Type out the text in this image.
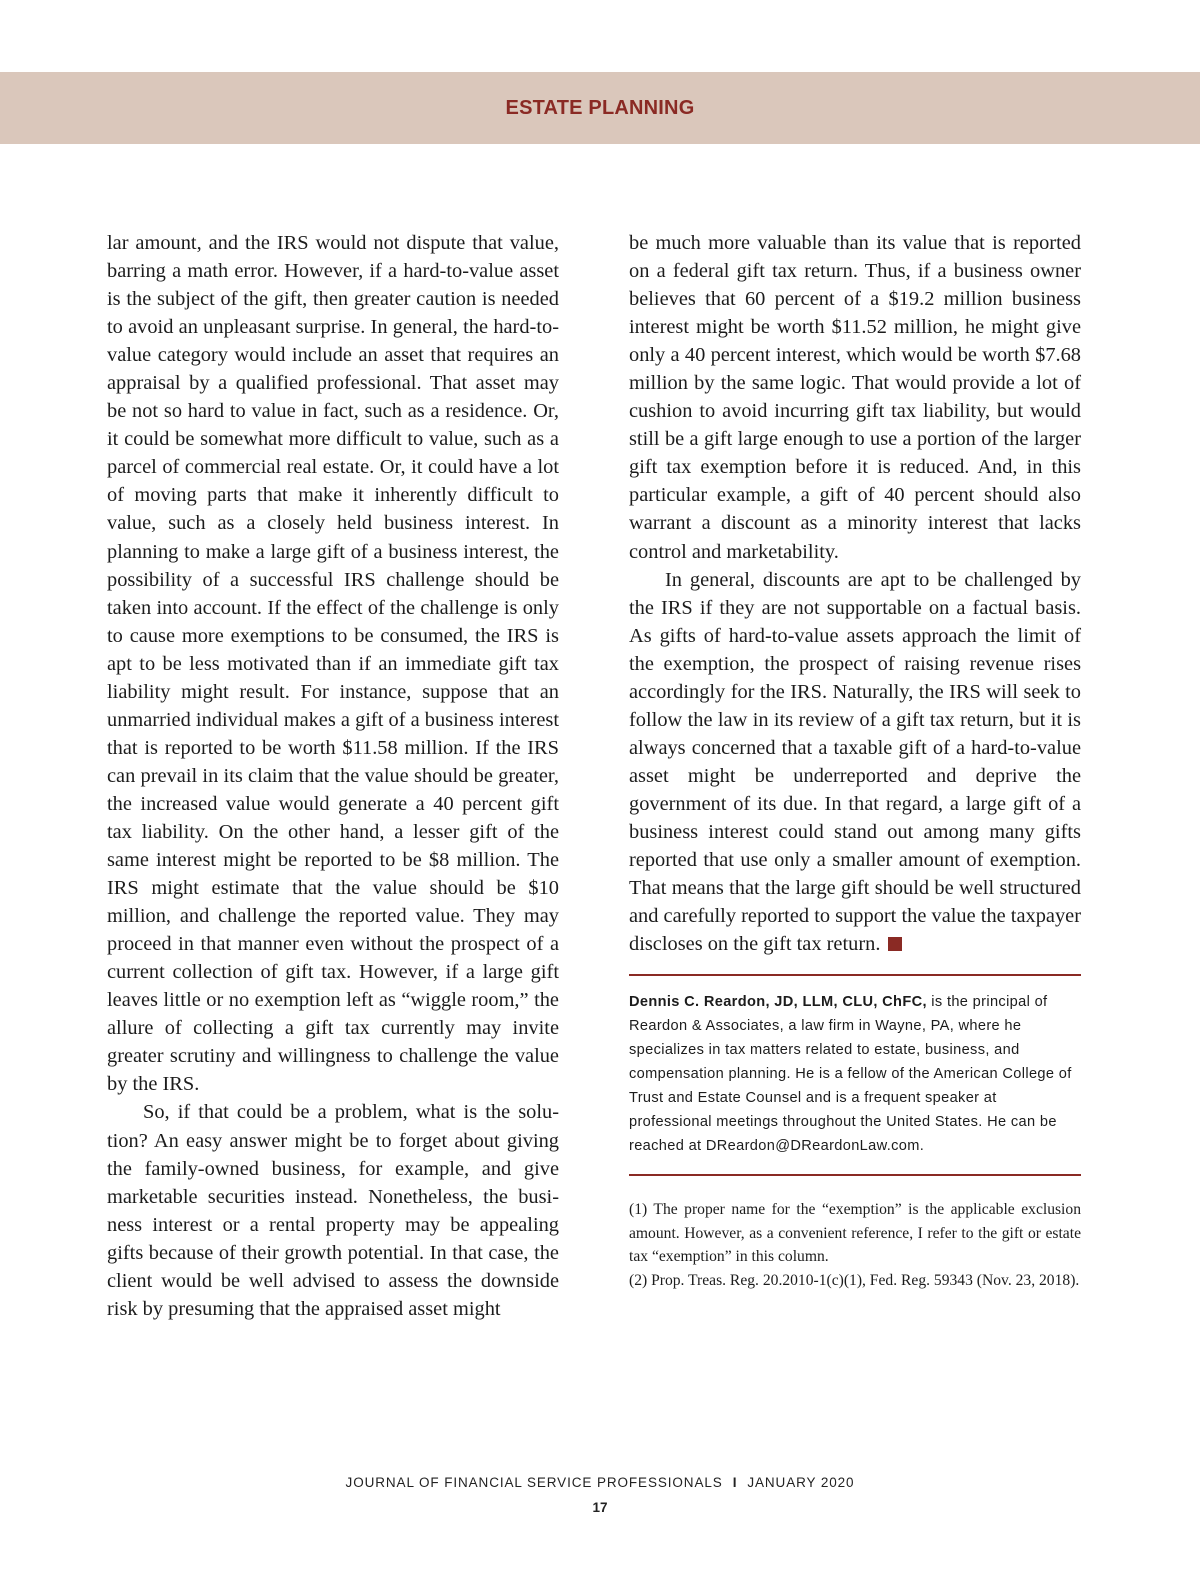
ESTATE PLANNING

lar amount, and the IRS would not dispute that value, barring a math error. However, if a hard-to-value asset is the subject of the gift, then greater caution is needed to avoid an unpleasant surprise. In general, the hard-to-value category would include an asset that requires an appraisal by a qualified professional. That asset may be not so hard to value in fact, such as a residence. Or, it could be somewhat more difficult to value, such as a parcel of commercial real estate. Or, it could have a lot of moving parts that make it inherently difficult to value, such as a closely held business interest. In planning to make a large gift of a business interest, the possibility of a successful IRS challenge should be taken into account. If the effect of the challenge is only to cause more exemptions to be consumed, the IRS is apt to be less motivated than if an immediate gift tax liability might result. For instance, suppose that an unmarried individual makes a gift of a business interest that is reported to be worth $11.58 million. If the IRS can prevail in its claim that the value should be greater, the increased value would generate a 40 percent gift tax liability. On the other hand, a lesser gift of the same interest might be reported to be $8 million. The IRS might estimate that the value should be $10 million, and challenge the reported value. They may proceed in that manner even without the prospect of a current collection of gift tax. However, if a large gift leaves little or no exemption left as “wiggle room,” the allure of collecting a gift tax currently may invite greater scrutiny and willingness to challenge the value by the IRS.

So, if that could be a problem, what is the solution? An easy answer might be to forget about giving the family-owned business, for example, and give marketable securities instead. Nonetheless, the business interest or a rental property may be appealing gifts because of their growth potential. In that case, the client would be well advised to assess the downside risk by presuming that the appraised asset might

be much more valuable than its value that is reported on a federal gift tax return. Thus, if a business owner believes that 60 percent of a $19.2 million business interest might be worth $11.52 million, he might give only a 40 percent interest, which would be worth $7.68 million by the same logic. That would provide a lot of cushion to avoid incurring gift tax liability, but would still be a gift large enough to use a portion of the larger gift tax exemption before it is reduced. And, in this particular example, a gift of 40 percent should also warrant a discount as a minority interest that lacks control and marketability.

In general, discounts are apt to be challenged by the IRS if they are not supportable on a factual basis. As gifts of hard-to-value assets approach the limit of the exemption, the prospect of raising revenue rises accordingly for the IRS. Naturally, the IRS will seek to follow the law in its review of a gift tax return, but it is always concerned that a taxable gift of a hard-to-value asset might be underreported and deprive the government of its due. In that regard, a large gift of a business interest could stand out among many gifts reported that use only a smaller amount of exemption. That means that the large gift should be well structured and carefully reported to support the value the taxpayer discloses on the gift tax return.

Dennis C. Reardon, JD, LLM, CLU, ChFC, is the principal of Reardon & Associates, a law firm in Wayne, PA, where he specializes in tax matters related to estate, business, and compensation planning. He is a fellow of the American College of Trust and Estate Counsel and is a frequent speaker at professional meetings throughout the United States. He can be reached at DReardon@DReardonLaw.com.

(1) The proper name for the “exemption” is the applicable exclusion amount. However, as a convenient reference, I refer to the gift or estate tax “exemption” in this column.

(2) Prop. Treas. Reg. 20.2010-1(c)(1), Fed. Reg. 59343 (Nov. 23, 2018).

JOURNAL OF FINANCIAL SERVICE PROFESSIONALS I JANUARY 2020
17
